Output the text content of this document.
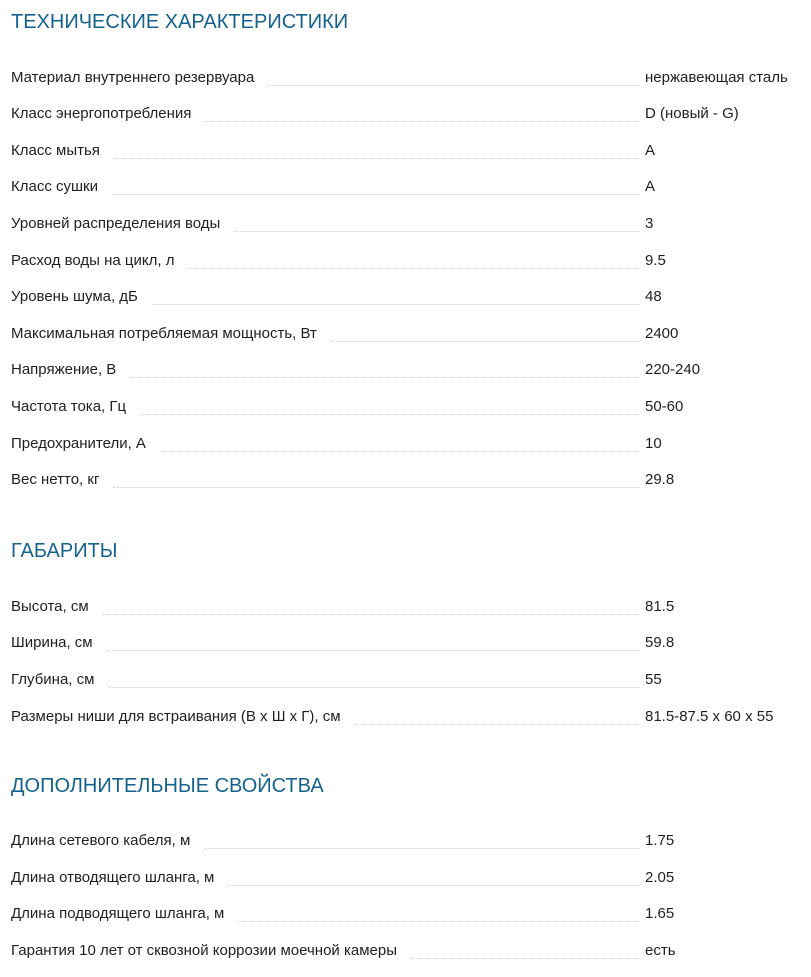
ТЕХНИЧЕСКИЕ ХАРАКТЕРИСТИКИ
Материал внутреннего резервуара	нержавеющая сталь
Класс энергопотребления	D (новый - G)
Класс мытья	A
Класс сушки	A
Уровней распределения воды	3
Расход воды на цикл, л	9.5
Уровень шума, дБ	48
Максимальная потребляемая мощность, Вт	2400
Напряжение, В	220-240
Частота тока, Гц	50-60
Предохранители, А	10
Вес нетто, кг	29.8
ГАБАРИТЫ
Высота, см	81.5
Ширина, см	59.8
Глубина, см	55
Размеры ниши для встраивания (В x Ш x Г), см	81.5-87.5 x 60 x 55
ДОПОЛНИТЕЛЬНЫЕ СВОЙСТВА
Длина сетевого кабеля, м	1.75
Длина отводящего шланга, м	2.05
Длина подводящего шланга, м	1.65
Гарантия 10 лет от сквозной коррозии моечной камеры	есть
